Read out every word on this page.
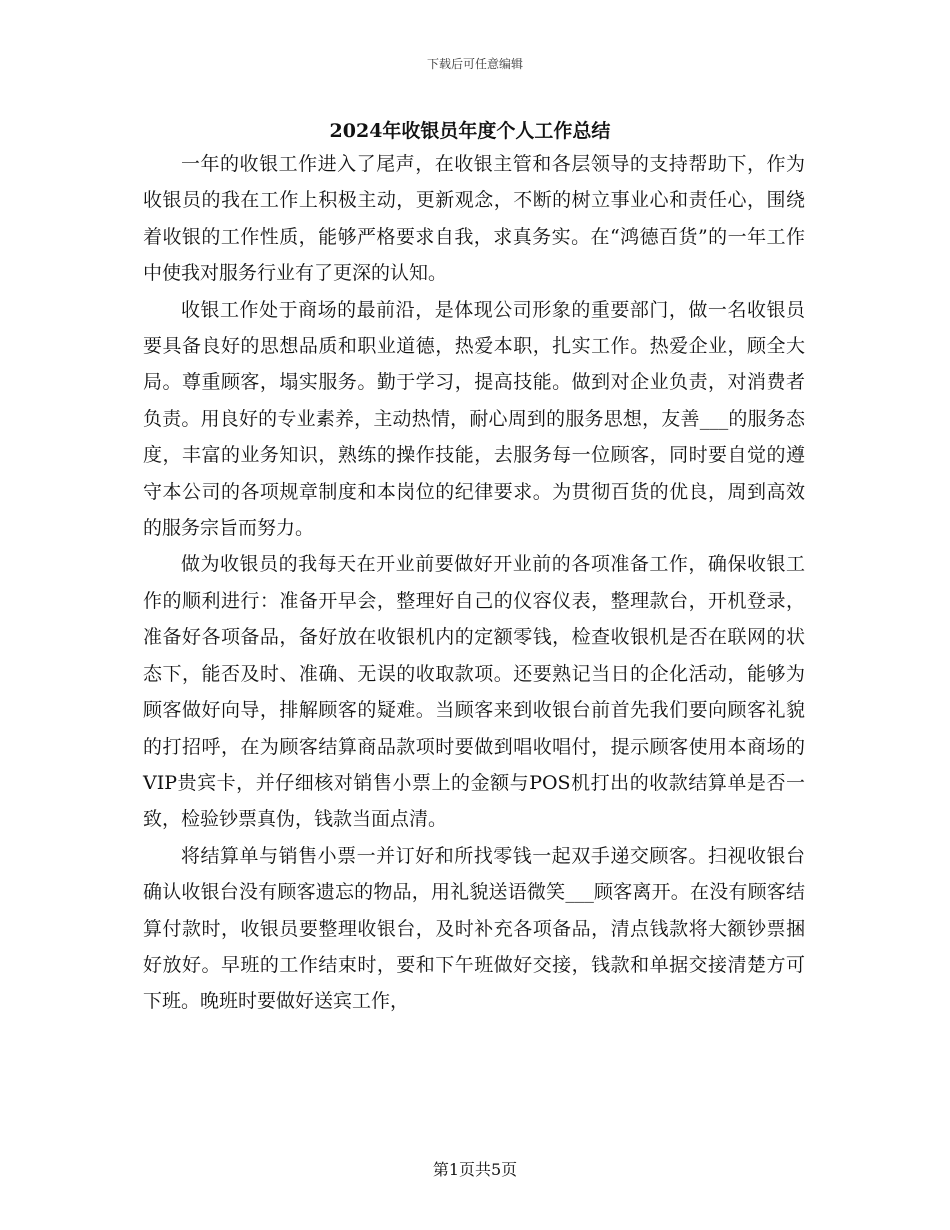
下载后可任意编辑
2024年收银员年度个人工作总结

一年的收银工作进入了尾声，在收银主管和各层领导的支持帮助下，作为收银员的我在工作上积极主动，更新观念，不断的树立事业心和责任心，围绕着收银的工作性质，能够严格要求自我，求真务实。在“鸿德百货”的一年工作中使我对服务行业有了更深的认知。

收银工作处于商场的最前沿，是体现公司形象的重要部门，做一名收银员要具备良好的思想品质和职业道德，热爱本职，扎实工作。热爱企业，顾全大局。尊重顾客，塌实服务。勤于学习，提高技能。做到对企业负责，对消费者负责。用良好的专业素养，主动热情，耐心周到的服务思想，友善___的服务态度，丰富的业务知识，熟练的操作技能，去服务每一位顾客，同时要自觉的遵守本公司的各项规章制度和本岗位的纪律要求。为贯彻百货的优良，周到高效的服务宗旨而努力。

做为收银员的我每天在开业前要做好开业前的各项准备工作，确保收银工作的顺利进行：准备开早会，整理好自己的仪容仪表，整理款台，开机登录，准备好各项备品，备好放在收银机内的定额零钱，检查收银机是否在联网的状态下，能否及时、准确、无误的收取款项。还要熟记当日的企化活动，能够为顾客做好向导，排解顾客的疑难。当顾客来到收银台前首先我们要向顾客礼貌的打招呼，在为顾客结算商品款项时要做到唱收唱付，提示顾客使用本商场的VIP贵宾卡，并仔细核对销售小票上的金额与POS机打出的收款结算单是否一致，检验钞票真伪，钱款当面点清。

将结算单与销售小票一并订好和所找零钱一起双手递交顾客。扫视收银台确认收银台没有顾客遗忘的物品，用礼貌送语微笑___顾客离开。在没有顾客结算付款时，收银员要整理收银台，及时补充各项备品，清点钱款将大额钞票捆好放好。早班的工作结束时，要和下午班做好交接，钱款和单据交接清楚方可下班。晚班时要做好送宾工作，

第1页共5页
